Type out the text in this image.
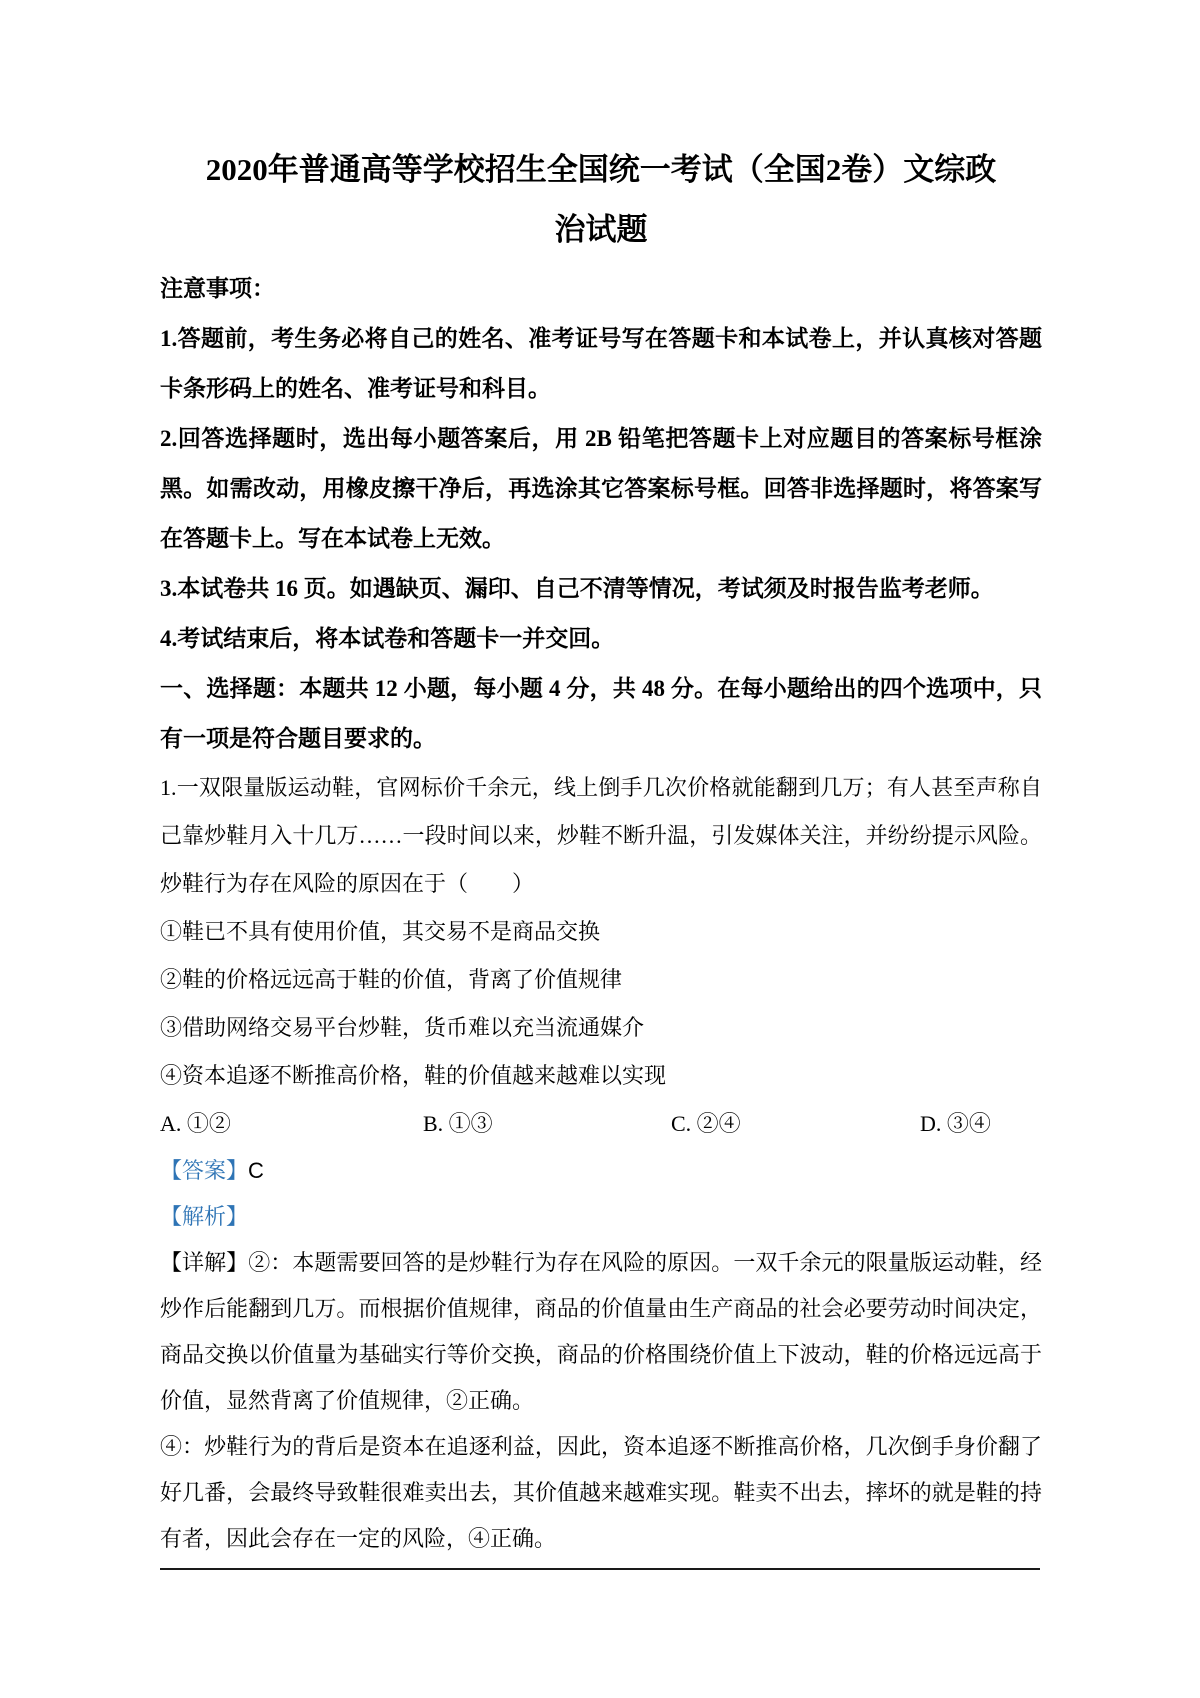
2020年普通高等学校招生全国统一考试（全国2卷）文综政

治试题

注意事项：

1.答题前，考生务必将自己的姓名、准考证号写在答题卡和本试卷上，并认真核对答题卡条形码上的姓名、准考证号和科目。

2.回答选择题时，选出每小题答案后，用 2B 铅笔把答题卡上对应题目的答案标号框涂黑。如需改动，用橡皮擦干净后，再选涂其它答案标号框。回答非选择题时，将答案写在答题卡上。写在本试卷上无效。

3.本试卷共 16 页。如遇缺页、漏印、自己不清等情况，考试须及时报告监考老师。

4.考试结束后，将本试卷和答题卡一并交回。

一、选择题：本题共 12 小题，每小题 4 分，共 48 分。在每小题给出的四个选项中，只有一项是符合题目要求的。

1.一双限量版运动鞋，官网标价千余元，线上倒手几次价格就能翻到几万；有人甚至声称自己靠炒鞋月入十几万……一段时间以来，炒鞋不断升温，引发媒体关注，并纷纷提示风险。炒鞋行为存在风险的原因在于（　　）

①鞋已不具有使用价值，其交易不是商品交换

②鞋的价格远远高于鞋的价值，背离了价值规律

③借助网络交易平台炒鞋，货币难以充当流通媒介

④资本追逐不断推高价格，鞋的价值越来越难以实现

A. ①②	B. ①③	C. ②④	D. ③④

【答案】C

【解析】

【详解】②：本题需要回答的是炒鞋行为存在风险的原因。一双千余元的限量版运动鞋，经炒作后能翻到几万。而根据价值规律，商品的价值量由生产商品的社会必要劳动时间决定，商品交换以价值量为基础实行等价交换，商品的价格围绕价值上下波动，鞋的价格远远高于价值，显然背离了价值规律，②正确。

④：炒鞋行为的背后是资本在追逐利益，因此，资本追逐不断推高价格，几次倒手身价翻了好几番，会最终导致鞋很难卖出去，其价值越来越难实现。鞋卖不出去，摔坏的就是鞋的持有者，因此会存在一定的风险，④正确。
